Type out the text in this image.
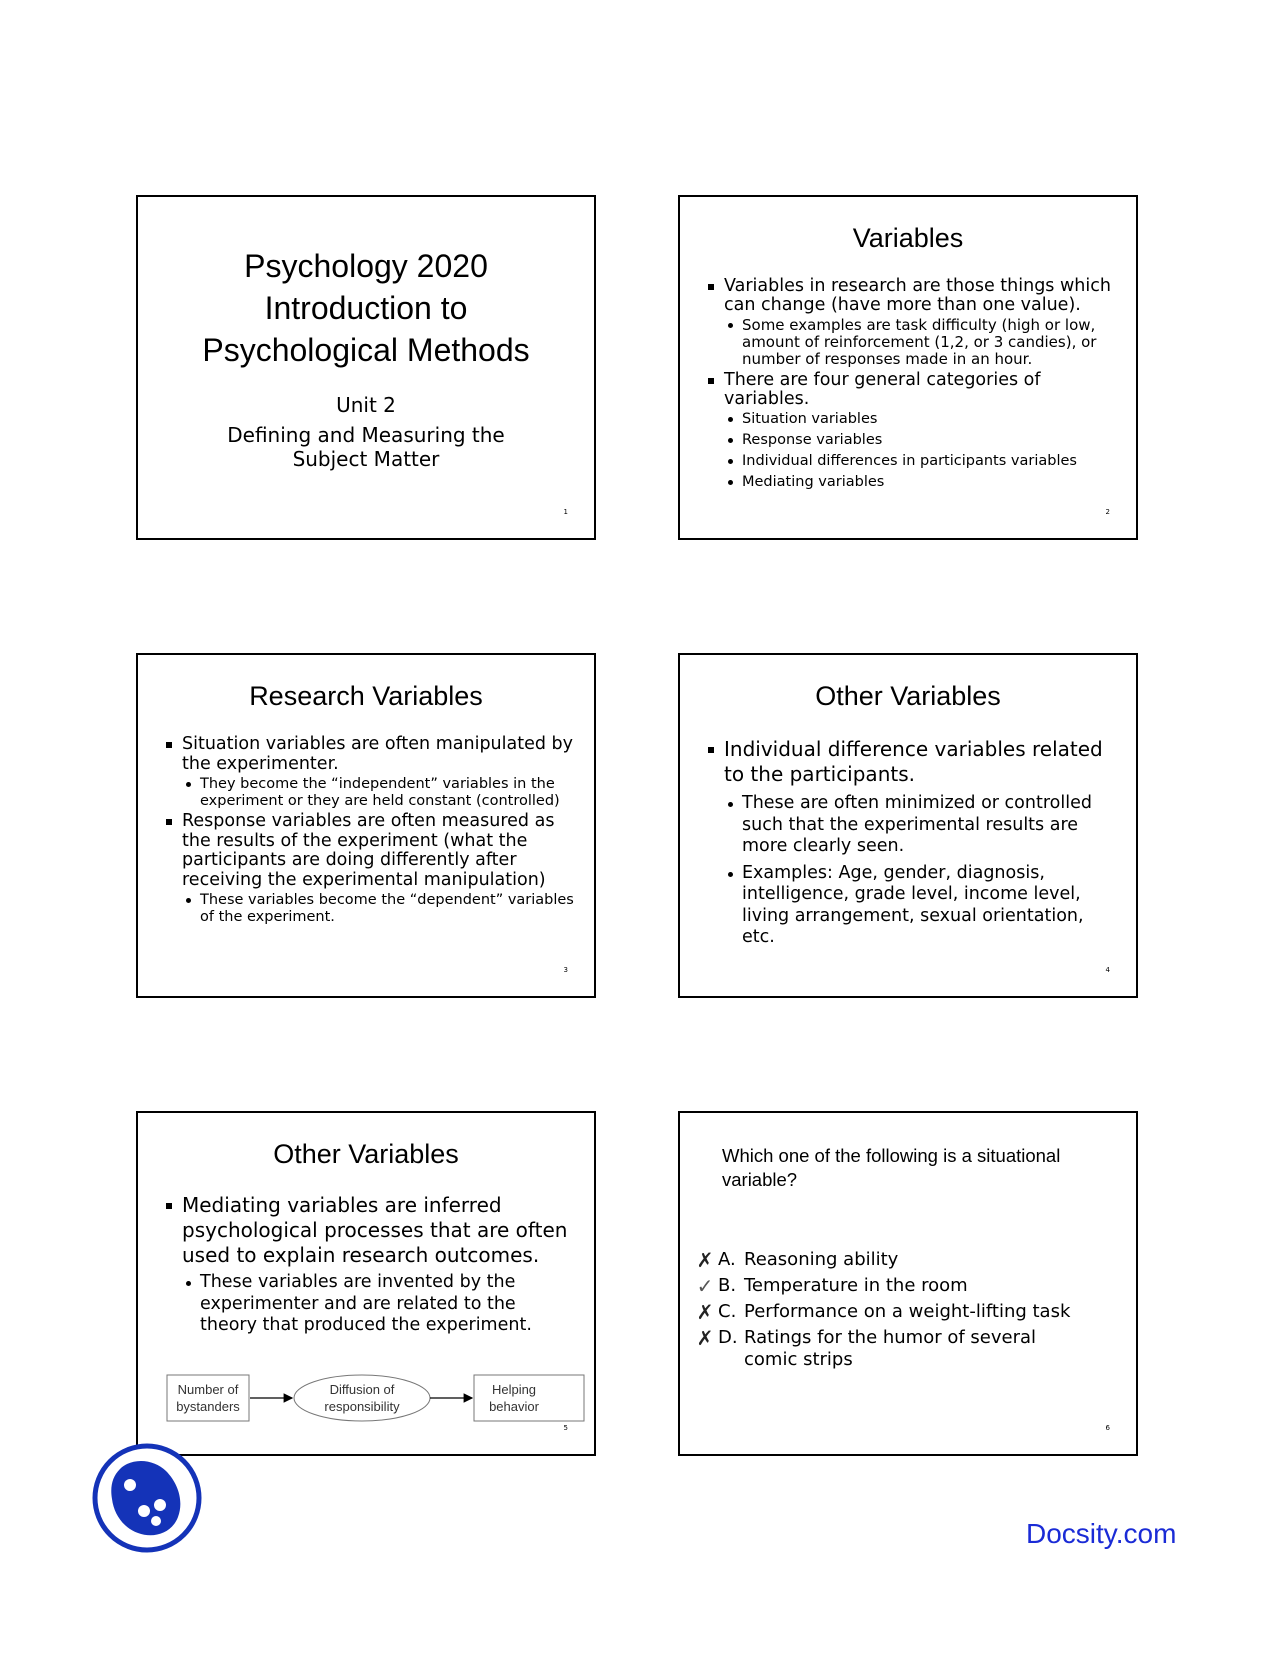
Psychology 2020
Introduction to
Psychological Methods
Unit 2
Defining and Measuring the
Subject Matter
1
Variables
Variables in research are those things which can change (have more than one value).
Some examples are task difficulty (high or low, amount of reinforcement (1,2, or 3 candies), or number of responses made in an hour.
There are four general categories of variables.
Situation variables
Response variables
Individual differences in participants variables
Mediating variables
2
Research Variables
Situation variables are often manipulated by the experimenter.
They become the “independent” variables in the experiment or they are held constant (controlled)
Response variables are often measured as the results of the experiment (what the participants are doing differently after receiving the experimental manipulation)
These variables become the “dependent” variables of the experiment.
3
Other Variables
Individual difference variables related to the participants.
These are often minimized or controlled such that the experimental results are more clearly seen.
Examples: Age, gender, diagnosis, intelligence, grade level, income level, living arrangement, sexual orientation, etc.
4
Other Variables
Mediating variables are inferred psychological processes that are often used to explain research outcomes.
These variables are invented by the experimenter and are related to the theory that produced the experiment.
Number of
bystanders
Diffusion of
responsibility
Helping
behavior
5
Which one of the following is a situational variable?
✗ A. Reasoning ability
✓ B. Temperature in the room
✗ C. Performance on a weight-lifting task
✗ D. Ratings for the humor of several comic strips
6
Docsity.com
